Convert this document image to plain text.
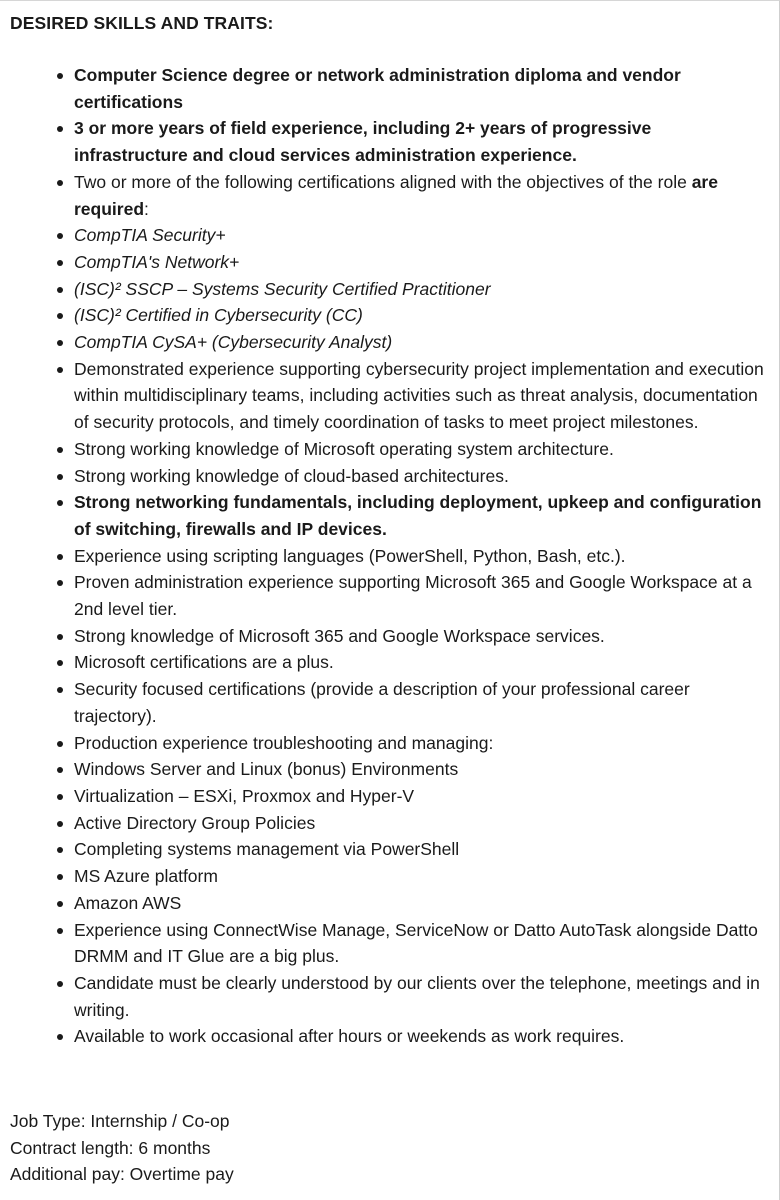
DESIRED SKILLS AND TRAITS:
Computer Science degree or network administration diploma and vendor certifications
3 or more years of field experience, including 2+ years of progressive infrastructure and cloud services administration experience.
Two or more of the following certifications aligned with the objectives of the role are required:
CompTIA Security+
CompTIA's Network+
(ISC)² SSCP – Systems Security Certified Practitioner
(ISC)² Certified in Cybersecurity (CC)
CompTIA CySA+ (Cybersecurity Analyst)
Demonstrated experience supporting cybersecurity project implementation and execution within multidisciplinary teams, including activities such as threat analysis, documentation of security protocols, and timely coordination of tasks to meet project milestones.
Strong working knowledge of Microsoft operating system architecture.
Strong working knowledge of cloud-based architectures.
Strong networking fundamentals, including deployment, upkeep and configuration of switching, firewalls and IP devices.
Experience using scripting languages (PowerShell, Python, Bash, etc.).
Proven administration experience supporting Microsoft 365 and Google Workspace at a 2nd level tier.
Strong knowledge of Microsoft 365 and Google Workspace services.
Microsoft certifications are a plus.
Security focused certifications (provide a description of your professional career trajectory).
Production experience troubleshooting and managing:
Windows Server and Linux (bonus) Environments
Virtualization – ESXi, Proxmox and Hyper-V
Active Directory Group Policies
Completing systems management via PowerShell
MS Azure platform
Amazon AWS
Experience using ConnectWise Manage, ServiceNow or Datto AutoTask alongside Datto DRMM and IT Glue are a big plus.
Candidate must be clearly understood by our clients over the telephone, meetings and in writing.
Available to work occasional after hours or weekends as work requires.

Job Type: Internship / Co-op

Contract length: 6 months

Additional pay: Overtime pay
